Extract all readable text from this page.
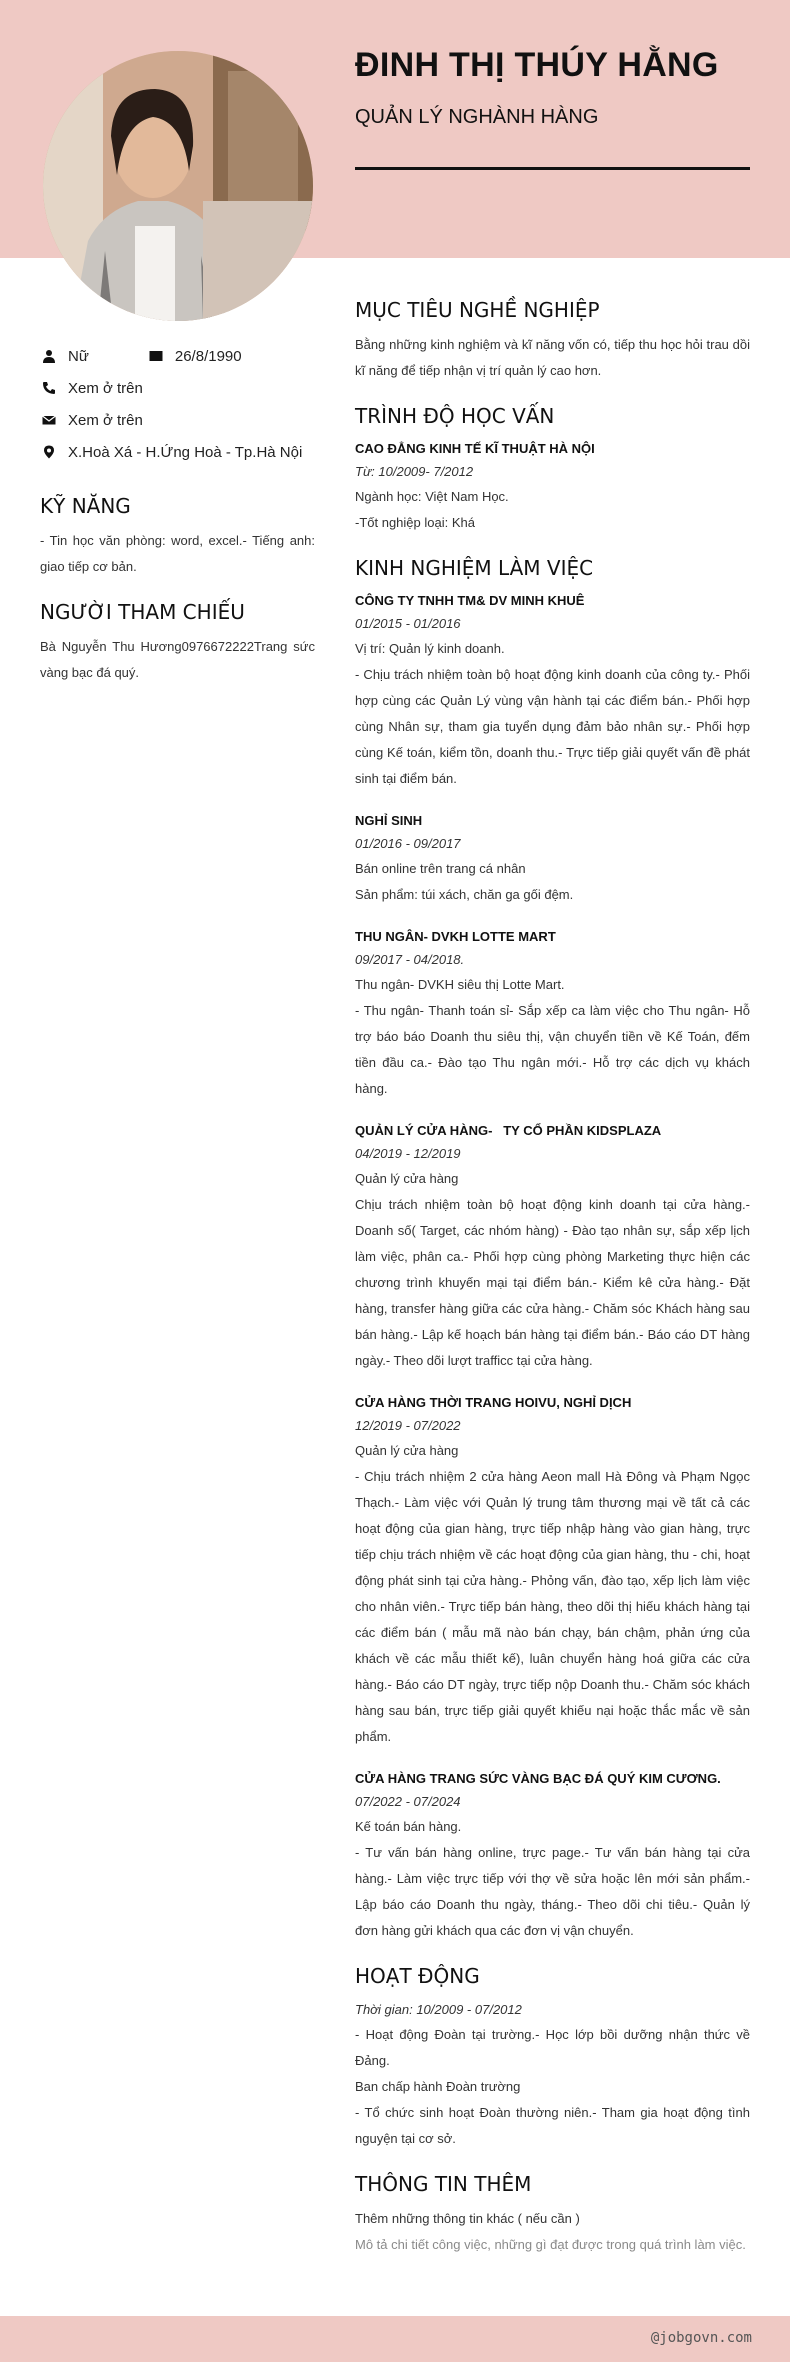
ĐINH THỊ THÚY HẰNG
QUẢN LÝ NGHÀNH HÀNG
Nữ	26/8/1990
Xem ở trên
Xem ở trên
X.Hoà Xá - H.Ứng Hoà - Tp.Hà Nội
KỸ NĂNG

- Tin học văn phòng: word, excel.- Tiếng anh: giao tiếp cơ bản.

NGƯỜI THAM CHIẾU

Bà Nguyễn Thu Hương0976672222Trang sức vàng bạc đá quý.

MỤC TIÊU NGHỀ NGHIỆP
Bằng những kinh nghiệm và kĩ năng vốn có, tiếp thu học hỏi trau dồi kĩ năng để tiếp nhận vị trí quản lý cao hơn.
TRÌNH ĐỘ HỌC VẤN
CAO ĐẲNG KINH TẾ KĨ THUẬT HÀ NỘI
Từ: 10/2009- 7/2012
Ngành học: Việt Nam Học.
-Tốt nghiệp loại: Khá
KINH NGHIỆM LÀM VIỆC
CÔNG TY TNHH TM& DV MINH KHUÊ
01/2015 - 01/2016
Vị trí: Quản lý kinh doanh.
- Chịu trách nhiệm toàn bộ hoạt động kinh doanh của công ty.- Phối hợp cùng các Quản Lý vùng vận hành tại các điểm bán.- Phối hợp cùng Nhân sự, tham gia tuyển dụng đảm bảo nhân sự.- Phối hợp cùng Kế toán, kiểm tồn, doanh thu.- Trực tiếp giải quyết vấn đề phát sinh tại điểm bán.
NGHỈ SINH
01/2016 - 09/2017
Bán online trên trang cá nhân
Sản phẩm: túi xách, chăn ga gối đệm.
THU NGÂN- DVKH LOTTE MART
09/2017 - 04/2018.
Thu ngân- DVKH siêu thị Lotte Mart.
- Thu ngân- Thanh toán sỉ- Sắp xếp ca làm việc cho Thu ngân- Hỗ trợ báo báo Doanh thu siêu thị, vận chuyển tiền về Kế Toán, đếm tiền đầu ca.- Đào tạo Thu ngân mới.- Hỗ trợ các dịch vụ khách hàng.
QUẢN LÝ CỬA HÀNG-   TY CỔ PHẦN KIDSPLAZA
04/2019 - 12/2019
Quản lý cửa hàng
Chịu trách nhiệm toàn bộ hoạt động kinh doanh tại cửa hàng.- Doanh số( Target, các nhóm hàng) - Đào tạo nhân sự, sắp xếp lịch làm việc, phân ca.- Phối hợp cùng phòng Marketing thực hiện các chương trình khuyến mại tại điểm bán.- Kiểm kê cửa hàng.- Đặt hàng, transfer hàng giữa các cửa hàng.- Chăm sóc Khách hàng sau bán hàng.- Lập kế hoạch bán hàng tại điểm bán.- Báo cáo DT hàng ngày.- Theo dõi lượt trafficc tại cửa hàng.
CỬA HÀNG THỜI TRANG HOIVU, NGHỈ DỊCH
12/2019 - 07/2022
Quản lý cửa hàng
- Chịu trách nhiệm 2 cửa hàng Aeon mall Hà Đông và Phạm Ngọc Thạch.- Làm việc với Quản lý trung tâm thương mại về tất cả các hoạt động của gian hàng, trực tiếp nhập hàng vào gian hàng, trực tiếp chịu trách nhiệm về các hoạt động của gian hàng, thu - chi, hoạt động phát sinh tại cửa hàng.- Phỏng vấn, đào tạo, xếp lịch làm việc cho nhân viên.- Trực tiếp bán hàng, theo dõi thị hiếu khách hàng tại các điểm bán ( mẫu mã nào bán chạy, bán chậm, phản ứng của khách về các mẫu thiết kế), luân chuyển hàng hoá giữa các cửa hàng.- Báo cáo DT ngày, trực tiếp nộp Doanh thu.- Chăm sóc khách hàng sau bán, trực tiếp giải quyết khiếu nại hoặc thắc mắc về sản phẩm.
CỬA HÀNG TRANG SỨC VÀNG BẠC ĐÁ QUÝ KIM CƯƠNG.
07/2022 - 07/2024
Kế toán bán hàng.
- Tư vấn bán hàng online, trực page.- Tư vấn bán hàng tại cửa hàng.- Làm việc trực tiếp với thợ về sửa hoặc lên mới sản phẩm.- Lập báo cáo Doanh thu ngày, tháng.- Theo dõi chi tiêu.- Quản lý đơn hàng gửi khách qua các đơn vị vận chuyển.
HOẠT ĐỘNG
Thời gian: 10/2009 - 07/2012
- Hoạt động Đoàn tại trường.- Học lớp bồi dưỡng nhận thức về Đảng.
Ban chấp hành Đoàn trường
- Tổ chức sinh hoạt Đoàn thường niên.- Tham gia hoạt động tình nguyện tại cơ sở.
THÔNG TIN THÊM
Thêm những thông tin khác ( nếu cần )
Mô tả chi tiết công việc, những gì đạt được trong quá trình làm việc.
@jobgovn.com
